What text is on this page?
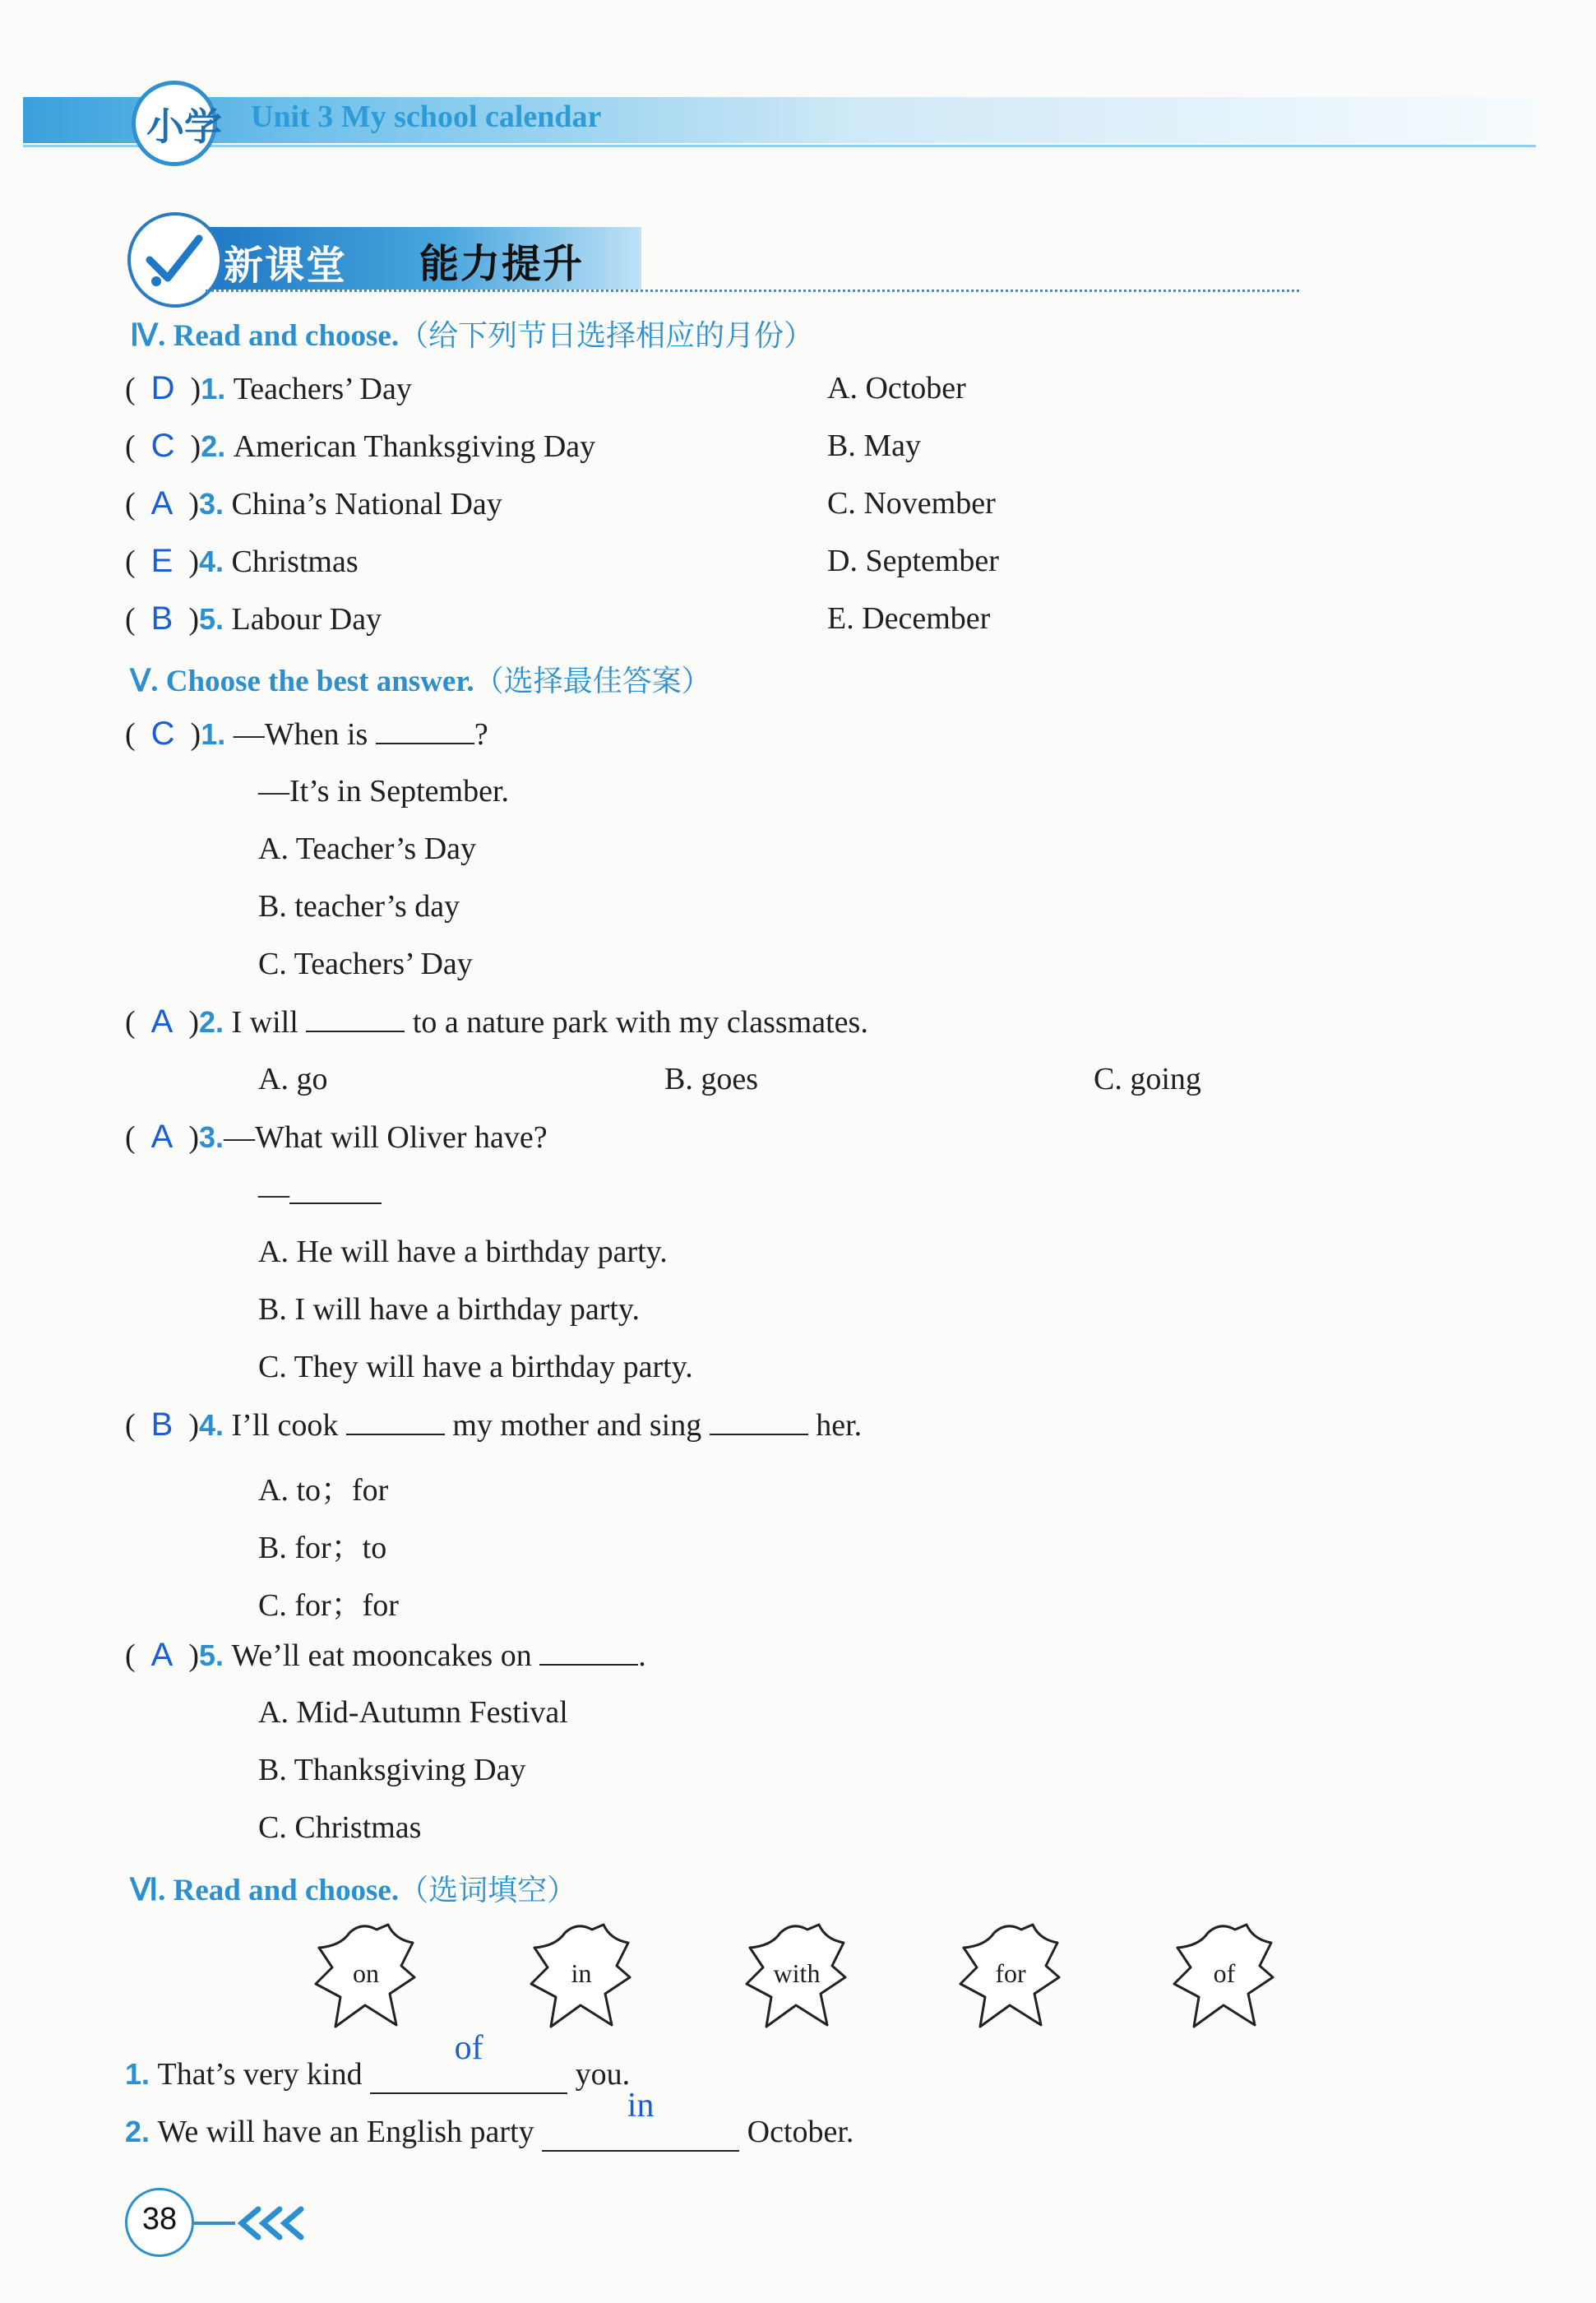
小学 Unit 3 My school calendar
新课堂 能力提升
Ⅳ. Read and choose.（给下列节日选择相应的月份）
(  D  )1. Teachers’ Day	A. October
(  C  )2. American Thanksgiving Day	B. May
(  A  )3. China’s National Day	C. November
(  E  )4. Christmas	D. September
(  B  )5. Labour Day	E. December
Ⅴ. Choose the best answer.（选择最佳答案）
(  C  )1. —When is	?
—It’s in September.
A. Teacher’s Day
B. teacher’s day
C. Teachers’ Day
(  A  )2. I will	to a nature park with my classmates.
A. go	B. goes	C. going
(  A  )3.—What will Oliver have?
—
A. He will have a birthday party.
B. I will have a birthday party.
C. They will have a birthday party.
(  B  )4. I’ll cook	my mother and sing	her.
A. to；for
B. for；to
C. for；for
(  A  )5. We’ll eat mooncakes on	.
A. Mid-Autumn Festival
B. Thanksgiving Day
C. Christmas
Ⅵ. Read and choose.（选词填空）
on	in	with	for	of
1. That’s very kind
of
you.
2. We will have an English party
in
October.
38
